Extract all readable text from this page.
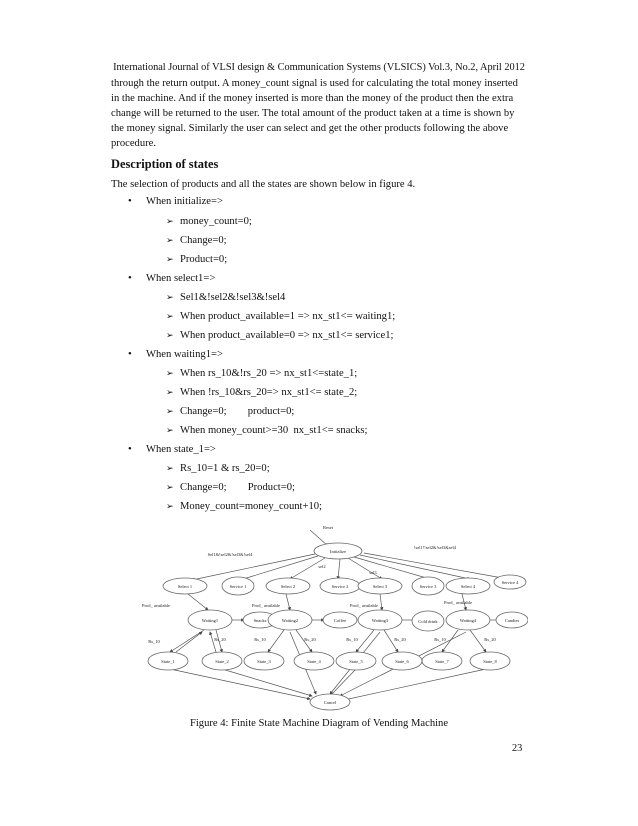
International Journal of VLSI design & Communication Systems (VLSICS) Vol.3, No.2, April 2012
through the return output. A money_count signal is used for calculating the total money inserted
in the machine. And if the money inserted is more than the money of the product then the extra
change will be returned to the user. The total amount of the product taken at a time is shown by
the money signal. Similarly the user can select and get the other products following the above
procedure.
Description of states
The selection of products and all the states are shown below in figure 4.
• When initialize=>
➢ money_count=0;
➢ Change=0;
➢ Product=0;
• When select1=>
➢ Sel1&!sel2&!sel3&!sel4
➢ When product_available=1 => nx_st1<= waiting1;
➢ When product_available=0 => nx_st1<= service1;
• When waiting1=>
➢ When rs_10&!rs_20 => nx_st1<=state_1;
➢ When !rs_10&rs_20=> nx_st1<= state_2;
➢ Change=0;        product=0;
➢ When money_count>=30  nx_st1<= snacks;
• When state_1=>
➢ Rs_10=1 & rs_20=0;
➢ Change=0;        Product=0;
➢ Money_count=money_count+10;
Reset
Initialize
Select 1	Service 1	Select 2	Service 2	Select 3	Service 3	Select 4
Service 4
Waiting1	Snacks	Waiting2	Coffee	Waiting3	Cold drink	Waiting4	Candies
State_1	State_2	State_3	State_4	State_5	State_6	State_7	State_8
Cancel
Sel1&!sel2&!sel3&!sel4
!sel1!!sel2&!sel3&sel4
sel2
sel3
Prod_ available	Prod_ available	Prod_ available
Prod_ available
Rs_10	Rs_20	Rs_10	Rs_20	Rs_10	Rs_20	Rs_10	Rs_20
Figure 4: Finite State Machine Diagram of Vending Machine
23
